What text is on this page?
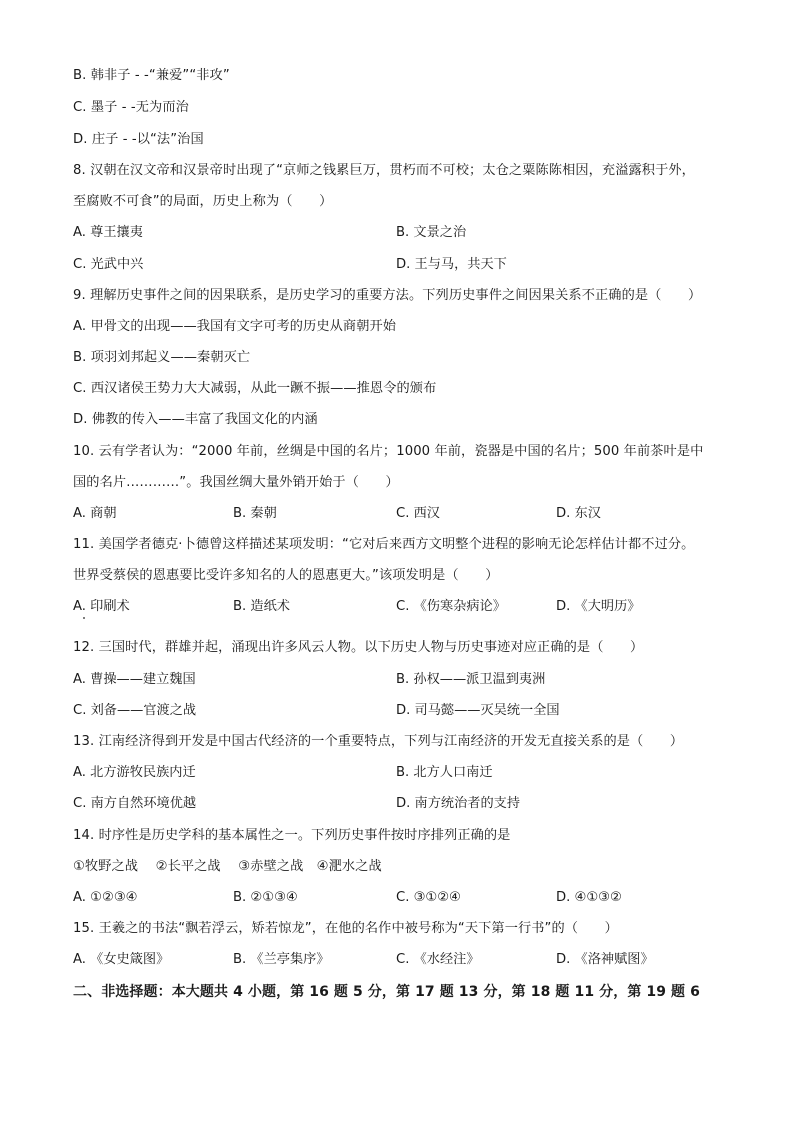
B. 韩非子 - -“兼爱”“非攻”
C. 墨子 - -无为而治
D. 庄子 - -以“法”治国
8. 汉朝在汉文帝和汉景帝时出现了“京师之钱累巨万，贯朽而不可校；太仓之粟陈陈相因，充溢露积于外，
至腐败不可食”的局面，历史上称为（　　）
A. 尊王攘夷	B. 文景之治
C. 光武中兴	D. 王与马，共天下
9. 理解历史事件之间的因果联系，是历史学习的重要方法。下列历史事件之间因果关系不正确的是（　　）
A. 甲骨文的出现——我国有文字可考的历史从商朝开始
B. 项羽刘邦起义——秦朝灭亡
C. 西汉诸侯王势力大大减弱，从此一蹶不振——推恩令的颁布
D. 佛教的传入——丰富了我国文化的内涵
10. 云有学者认为：“2000 年前，丝绸是中国的名片；1000 年前，瓷器是中国的名片；500 年前茶叶是中
国的名片…………”。我国丝绸大量外销开始于（　　）
A. 商朝	B. 秦朝	C. 西汉	D. 东汉
11. 美国学者德克·卜德曾这样描述某项发明：“它对后来西方文明整个进程的影响无论怎样估计都不过分。
世界受蔡侯的恩惠要比受许多知名的人的恩惠更大。”该项发明是（　　）
A. 印刷术	B. 造纸术	C. 《伤寒杂病论》	D. 《大明历》
12. 三国时代，群雄并起，涌现出许多风云人物。以下历史人物与历史事迹对应正确的是（　　）
A. 曹操——建立魏国	B. 孙权——派卫温到夷洲
C. 刘备——官渡之战	D. 司马懿——灭吴统一全国
13. 江南经济得到开发是中国古代经济的一个重要特点，下列与江南经济的开发无直接关系的是（　　）
A. 北方游牧民族内迁	B. 北方人口南迁
C. 南方自然环境优越	D. 南方统治者的支持
14. 时序性是历史学科的基本属性之一。下列历史事件按时序排列正确的是
①牧野之战　 ②长平之战　 ③赤壁之战　④淝水之战
A. ①②③④	B. ②①③④	C. ③①②④	D. ④①③②
15. 王羲之的书法“飘若浮云，矫若惊龙”，在他的名作中被号称为“天下第一行书”的（　　）
A. 《女史箴图》	B. 《兰亭集序》	C. 《水经注》	D. 《洛神赋图》
二、非选择题：本大题共 4 小题，第 16 题 5 分，第 17 题 13 分，第 18 题 11 分，第 19 题 6
